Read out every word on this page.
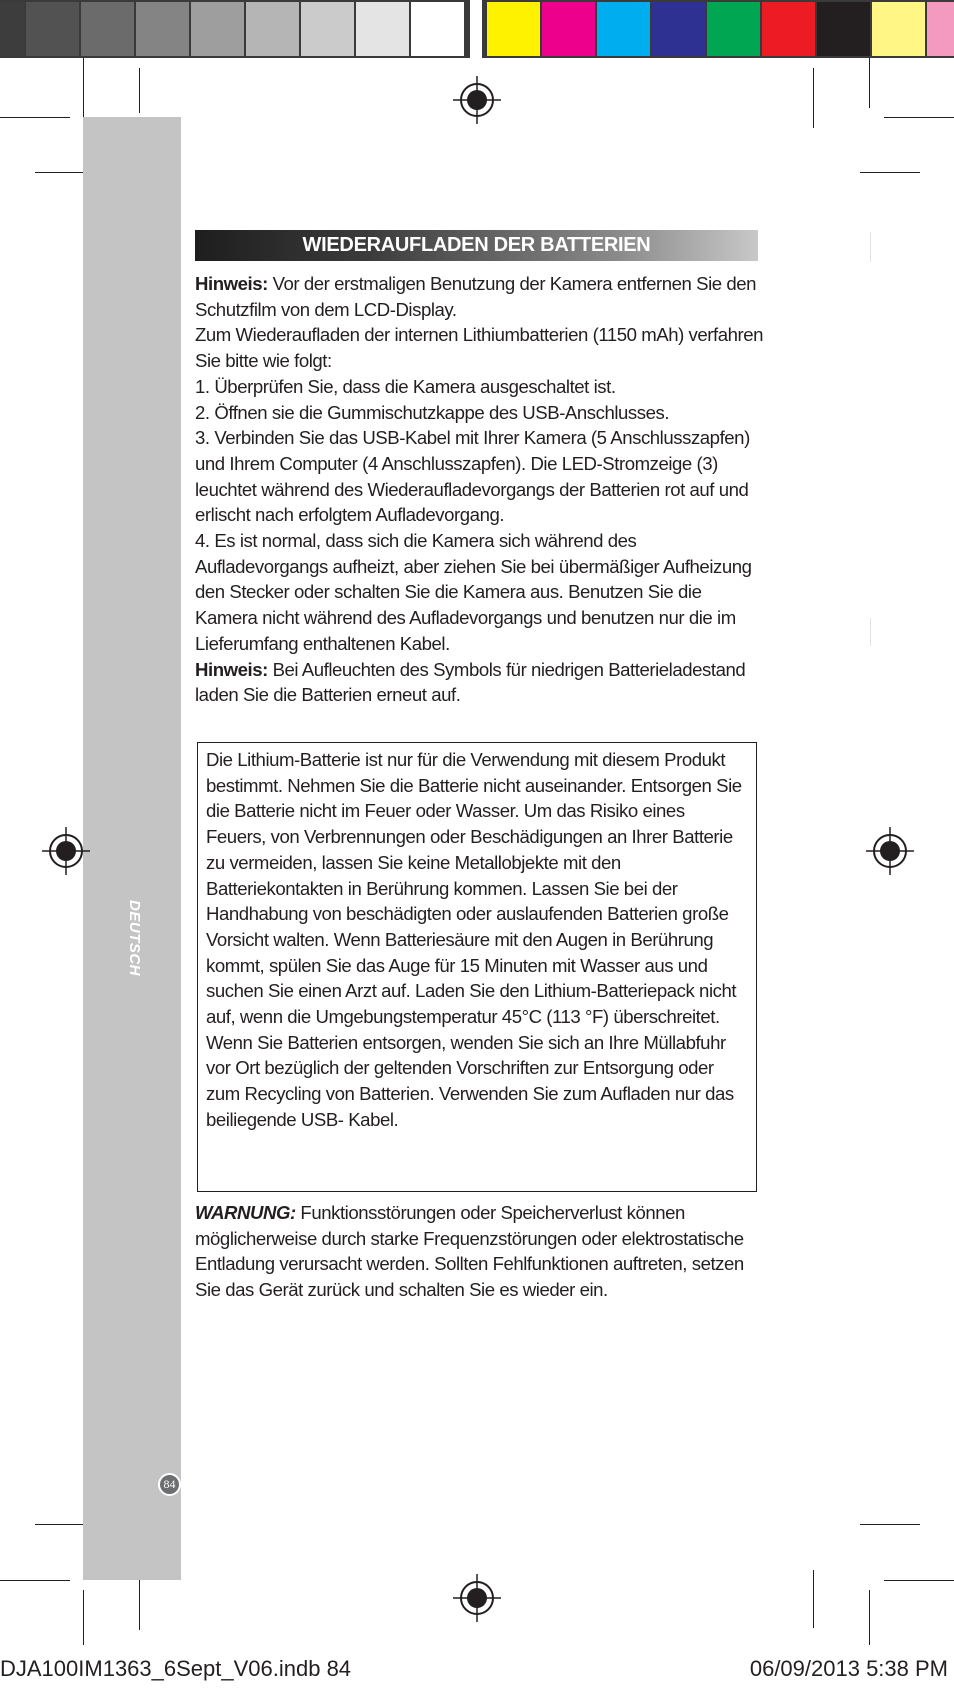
DEUTSCH
84
WIEDERAUFLADEN DER BATTERIEN

Hinweis: Vor der erstmaligen Benutzung der Kamera entfernen Sie den Schutzfilm von dem LCD-Display.

Zum Wiederaufladen der internen Lithiumbatterien (1150 mAh) verfahren Sie bitte wie folgt:

1. Überprüfen Sie, dass die Kamera ausgeschaltet ist.

2. Öffnen sie die Gummischutzkappe des USB-Anschlusses.

3. Verbinden Sie das USB-Kabel mit Ihrer Kamera (5 Anschlusszapfen) und Ihrem Computer (4 Anschlusszapfen). Die LED-Stromzeige (3) leuchtet während des Wiederaufladevorgangs der Batterien rot auf und erlischt nach erfolgtem Aufladevorgang.

4. Es ist normal, dass sich die Kamera sich während des Aufladevorgangs aufheizt, aber ziehen Sie bei übermäßiger Aufheizung den Stecker oder schalten Sie die Kamera aus. Benutzen Sie die Kamera nicht während des Aufladevorgangs und benutzen nur die im Lieferumfang enthaltenen Kabel.

Hinweis: Bei Aufleuchten des Symbols für niedrigen Batterieladestand laden Sie die Batterien erneut auf.

Die Lithium-Batterie ist nur für die Verwendung mit diesem Produkt bestimmt. Nehmen Sie die Batterie nicht auseinander. Entsorgen Sie die Batterie nicht im Feuer oder Wasser. Um das Risiko eines Feuers, von Verbrennungen oder Beschädigungen an Ihrer Batterie zu vermeiden, lassen Sie keine Metallobjekte mit den Batteriekontakten in Berührung kommen. Lassen Sie bei der Handhabung von beschädigten oder auslaufenden Batterien große Vorsicht walten. Wenn Batteriesäure mit den Augen in Berührung kommt, spülen Sie das Auge für 15 Minuten mit Wasser aus und suchen Sie einen Arzt auf. Laden Sie den Lithium-Batteriepack nicht auf, wenn die Umgebungstemperatur 45°C (113 °F) überschreitet. Wenn Sie Batterien entsorgen, wenden Sie sich an Ihre Müllabfuhr vor Ort bezüglich der geltenden Vorschriften zur Entsorgung oder zum Recycling von Batterien. Verwenden Sie zum Aufladen nur das beiliegende USB- Kabel.
WARNUNG: Funktionsstörungen oder Speicherverlust können möglicherweise durch starke Frequenzstörungen oder elektrostatische Entladung verursacht werden. Sollten Fehlfunktionen auftreten, setzen Sie das Gerät zurück und schalten Sie es wieder ein.
DJA100IM1363_6Sept_V06.indb 84	06/09/2013 5:38 PM
